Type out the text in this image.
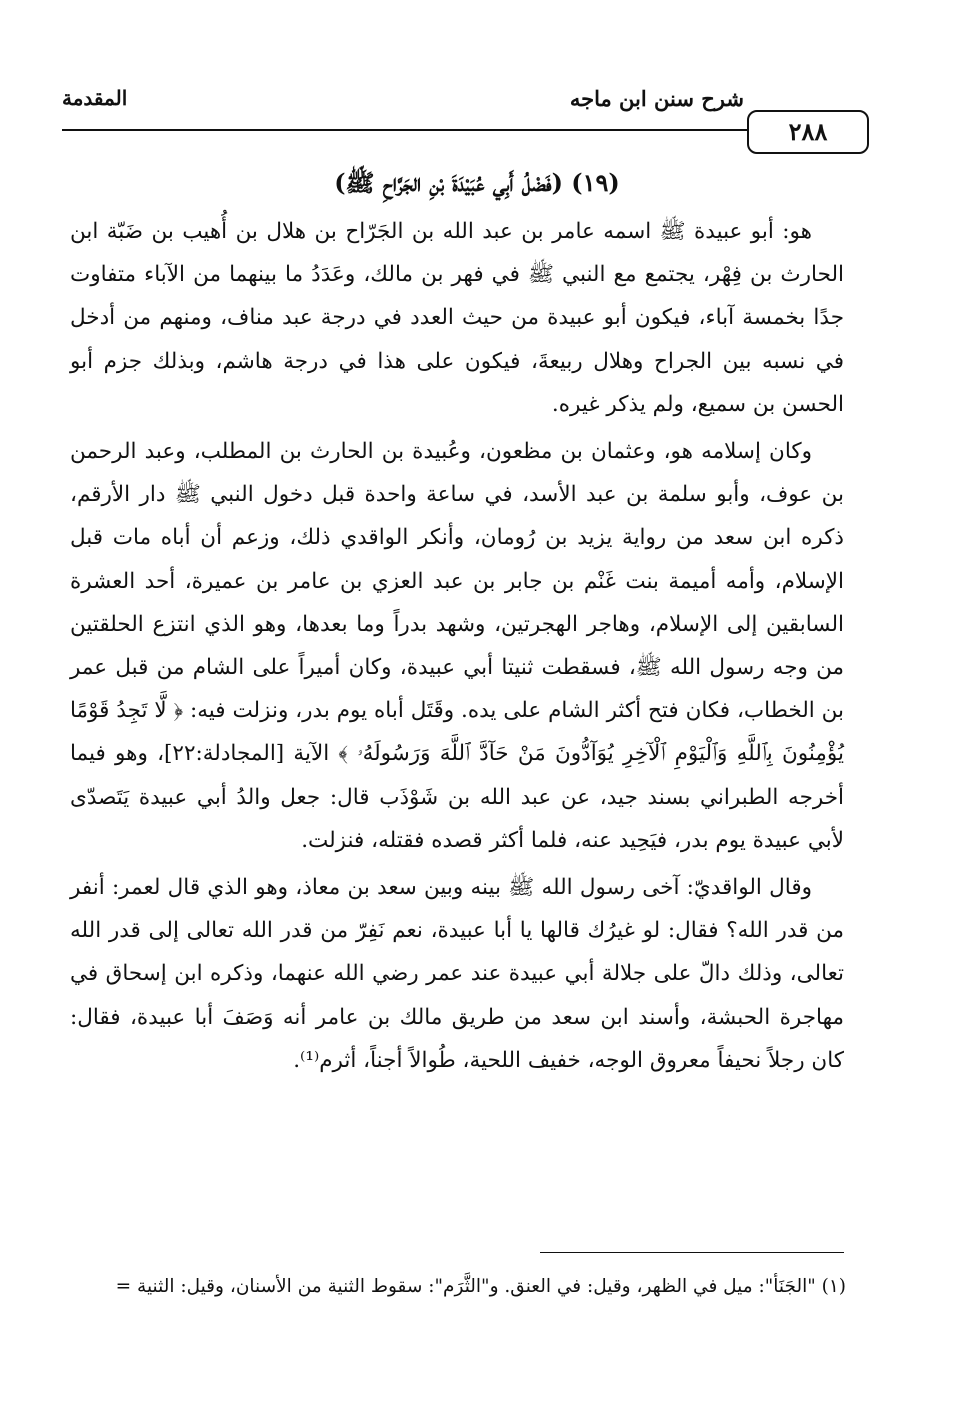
شرح سنن ابن ماجه
المقدمة
٢٨٨
(١٩) (فَضْلُ أَبِي عُبَيْدَةَ بْنِ الجَرَّاحِ ﷺ)

هو: أبو عبيدة ﷺ اسمه عامر بن عبد الله بن الجَرّاح بن هلال بن أُهيب بن ضَبّة ابن الحارث بن فِهْر، يجتمع مع النبي ﷺ في فهر بن مالك، وعَدَدُ ما بينهما من الآباء متفاوت جدًا بخمسة آباء، فيكون أبو عبيدة من حيث العدد في درجة عبد مناف، ومنهم من أدخل في نسبه بين الجراح وهلال ربيعةَ، فيكون على هذا في درجة هاشم، وبذلك جزم أبو الحسن بن سميع، ولم يذكر غيره.

وكان إسلامه هو، وعثمان بن مظعون، وعُبيدة بن الحارث بن المطلب، وعبد الرحمن بن عوف، وأبو سلمة بن عبد الأسد، في ساعة واحدة قبل دخول النبي ﷺ دار الأرقم، ذكره ابن سعد من رواية يزيد بن رُومان، وأنكر الواقدي ذلك، وزعم أن أباه مات قبل الإسلام، وأمه أميمة بنت غَنْم بن جابر بن عبد العزي بن عامر بن عميرة، أحد العشرة السابقين إلى الإسلام، وهاجر الهجرتين، وشهد بدراً وما بعدها، وهو الذي انتزع الحلقتين من وجه رسول الله ﷺ، فسقطت ثنيتا أبي عبيدة، وكان أميراً على الشام من قبل عمر بن الخطاب، فكان فتح أكثر الشام على يده. وقَتَل أباه يوم بدر، ونزلت فيه: ﴿ لَّا تَجِدُ قَوْمًا يُؤْمِنُونَ بِٱللَّهِ وَٱلْيَوْمِ ٱلْآخِرِ يُوَآدُّونَ مَنْ حَآدَّ ٱللَّهَ وَرَسُولَهُۥ ﴾ الآية [المجادلة:٢٢]، وهو فيما أخرجه الطبراني بسند جيد، عن عبد الله بن شَوْذَب قال: جعل والدُ أبي عبيدة يَتَصدّى لأبي عبيدة يوم بدر، فيَحِيد عنه، فلما أكثر قصده فقتله، فنزلت.

وقال الواقديّ: آخى رسول الله ﷺ بينه وبين سعد بن معاذ، وهو الذي قال لعمر: أنفر من قدر الله؟ فقال: لو غيرُك قالها يا أبا عبيدة، نعم نَفِرّ من قدر الله تعالى إلى قدر الله تعالى، وذلك دالّ على جلالة أبي عبيدة عند عمر رضي الله عنهما، وذكره ابن إسحاق في مهاجرة الحبشة، وأسند ابن سعد من طريق مالك بن عامر أنه وَصَفَ أبا عبيدة، فقال: كان رجلاً نحيفاً معروق الوجه، خفيف اللحية، طُوالاً أجناً، أثرم⁽¹⁾.

(١) "الجَنَأ": ميل في الظهر، وقيل: في العنق. و"الثَّرَم": سقوط الثنية من الأسنان، وقيل: الثنية =
